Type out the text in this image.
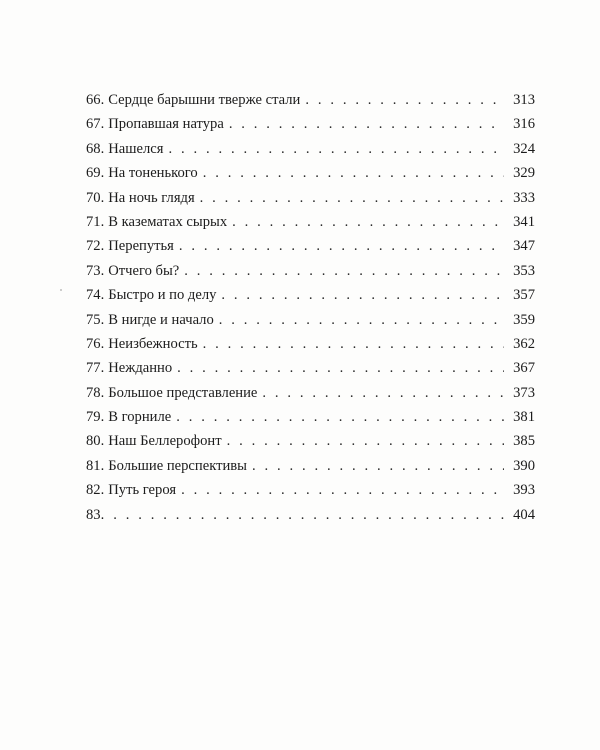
66. Сердце барышни тверже стали . . .	313
67. Пропавшая натура . . .	316
68. Нашелся . . .	324
69. На тоненького . . .	329
70. На ночь глядя . . .	333
71. В казематах сырых . . .	341
72. Перепутья . . .	347
73. Отчего бы? . . .	353
74. Быстро и по делу . . .	357
75. В нигде и начало . . .	359
76. Неизбежность . . .	362
77. Нежданно . . .	367
78. Большое представление . . .	373
79. В горниле . . .	381
80. Наш Беллерофонт . . .	385
81. Большие перспективы . . .	390
82. Путь героя . . .	393
83. . . .	404
